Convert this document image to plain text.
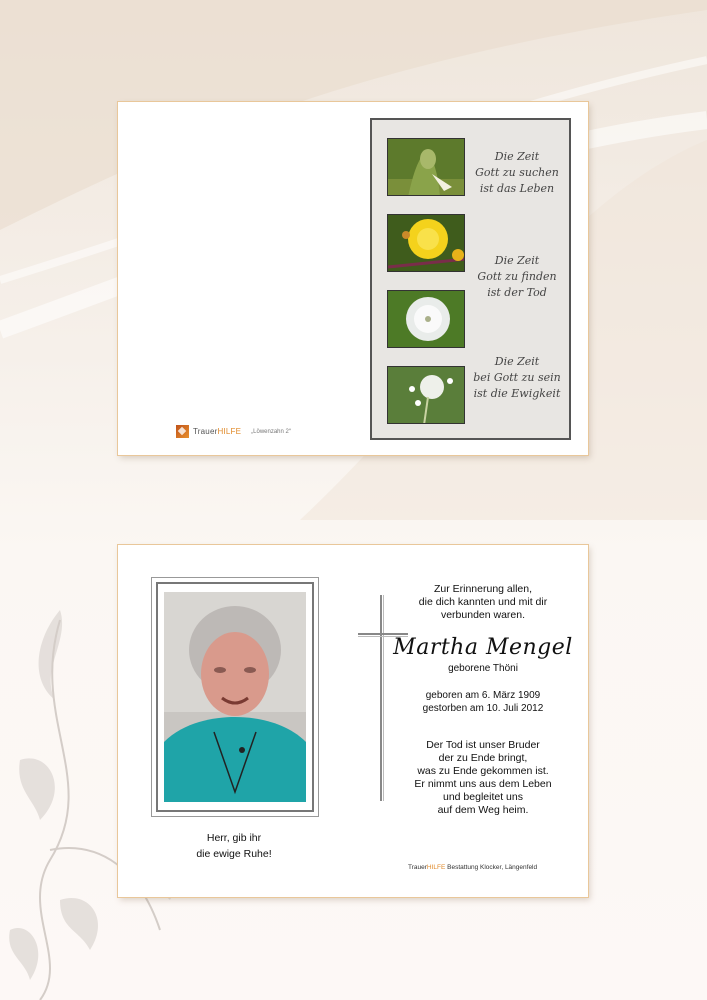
Die Zeit
Gott zu suchen
ist das Leben
Die Zeit
Gott zu finden
ist der Tod
Die Zeit
bei Gott zu sein
ist die Ewigkeit
TrauerHILFE „Löwenzahn 2“
Herr, gib ihr
die ewige Ruhe!
Zur Erinnerung allen,
die dich kannten und mit dir
verbunden waren.
Martha Mengel
geborene Thöni
geboren am 6. März 1909
gestorben am 10. Juli 2012
Der Tod ist unser Bruder
der zu Ende bringt,
was zu Ende gekommen ist.
Er nimmt uns aus dem Leben
und begleitet uns
auf dem Weg heim.
TrauerHILFE Bestattung Klocker, Längenfeld
